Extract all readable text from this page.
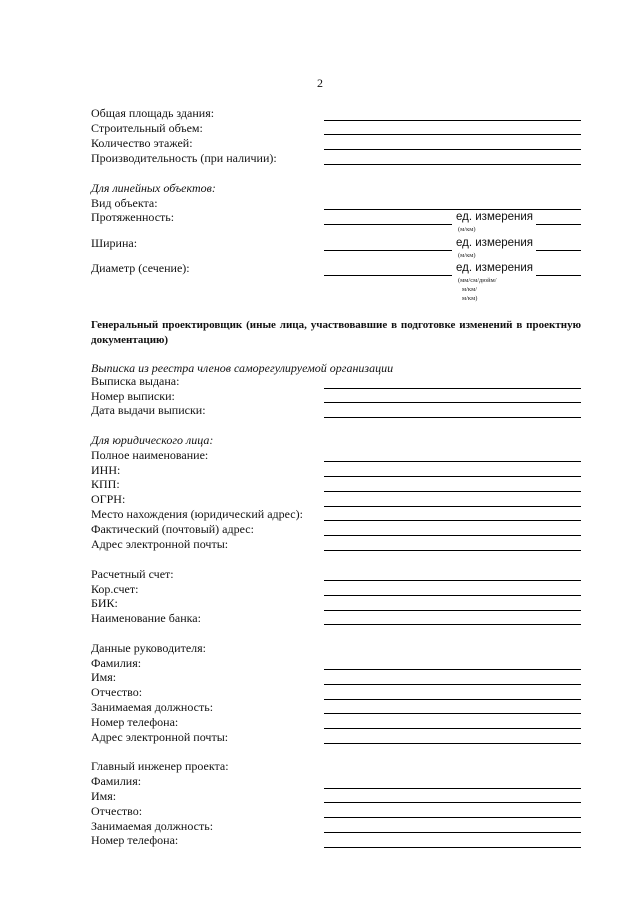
2
Общая площадь здания:
Строительный объем:
Количество этажей:
Производительность (при наличии):
Для линейных объектов:
Вид объекта:
Протяженность:	ед. измерения
(м/км)
Ширина:	ед. измерения
(м/км)
Диаметр (сечение):	ед. измерения
(мм/см/дюйм/
м/км/
м/км)
Генеральный проектировщик (иные лица, участвовавшие в подготовке изменений в проектную документацию)
Выписка из реестра членов саморегулируемой организации
Выписка выдана:
Номер выписки:
Дата выдачи выписки:
Для юридического лица:
Полное наименование:
ИНН:
КПП:
ОГРН:
Место нахождения (юридический адрес):
Фактический (почтовый) адрес:
Адрес электронной почты:
Расчетный счет:
Кор.счет:
БИК:
Наименование банка:
Данные руководителя:
Фамилия:
Имя:
Отчество:
Занимаемая должность:
Номер телефона:
Адрес электронной почты:
Главный инженер проекта:
Фамилия:
Имя:
Отчество:
Занимаемая должность:
Номер телефона:
